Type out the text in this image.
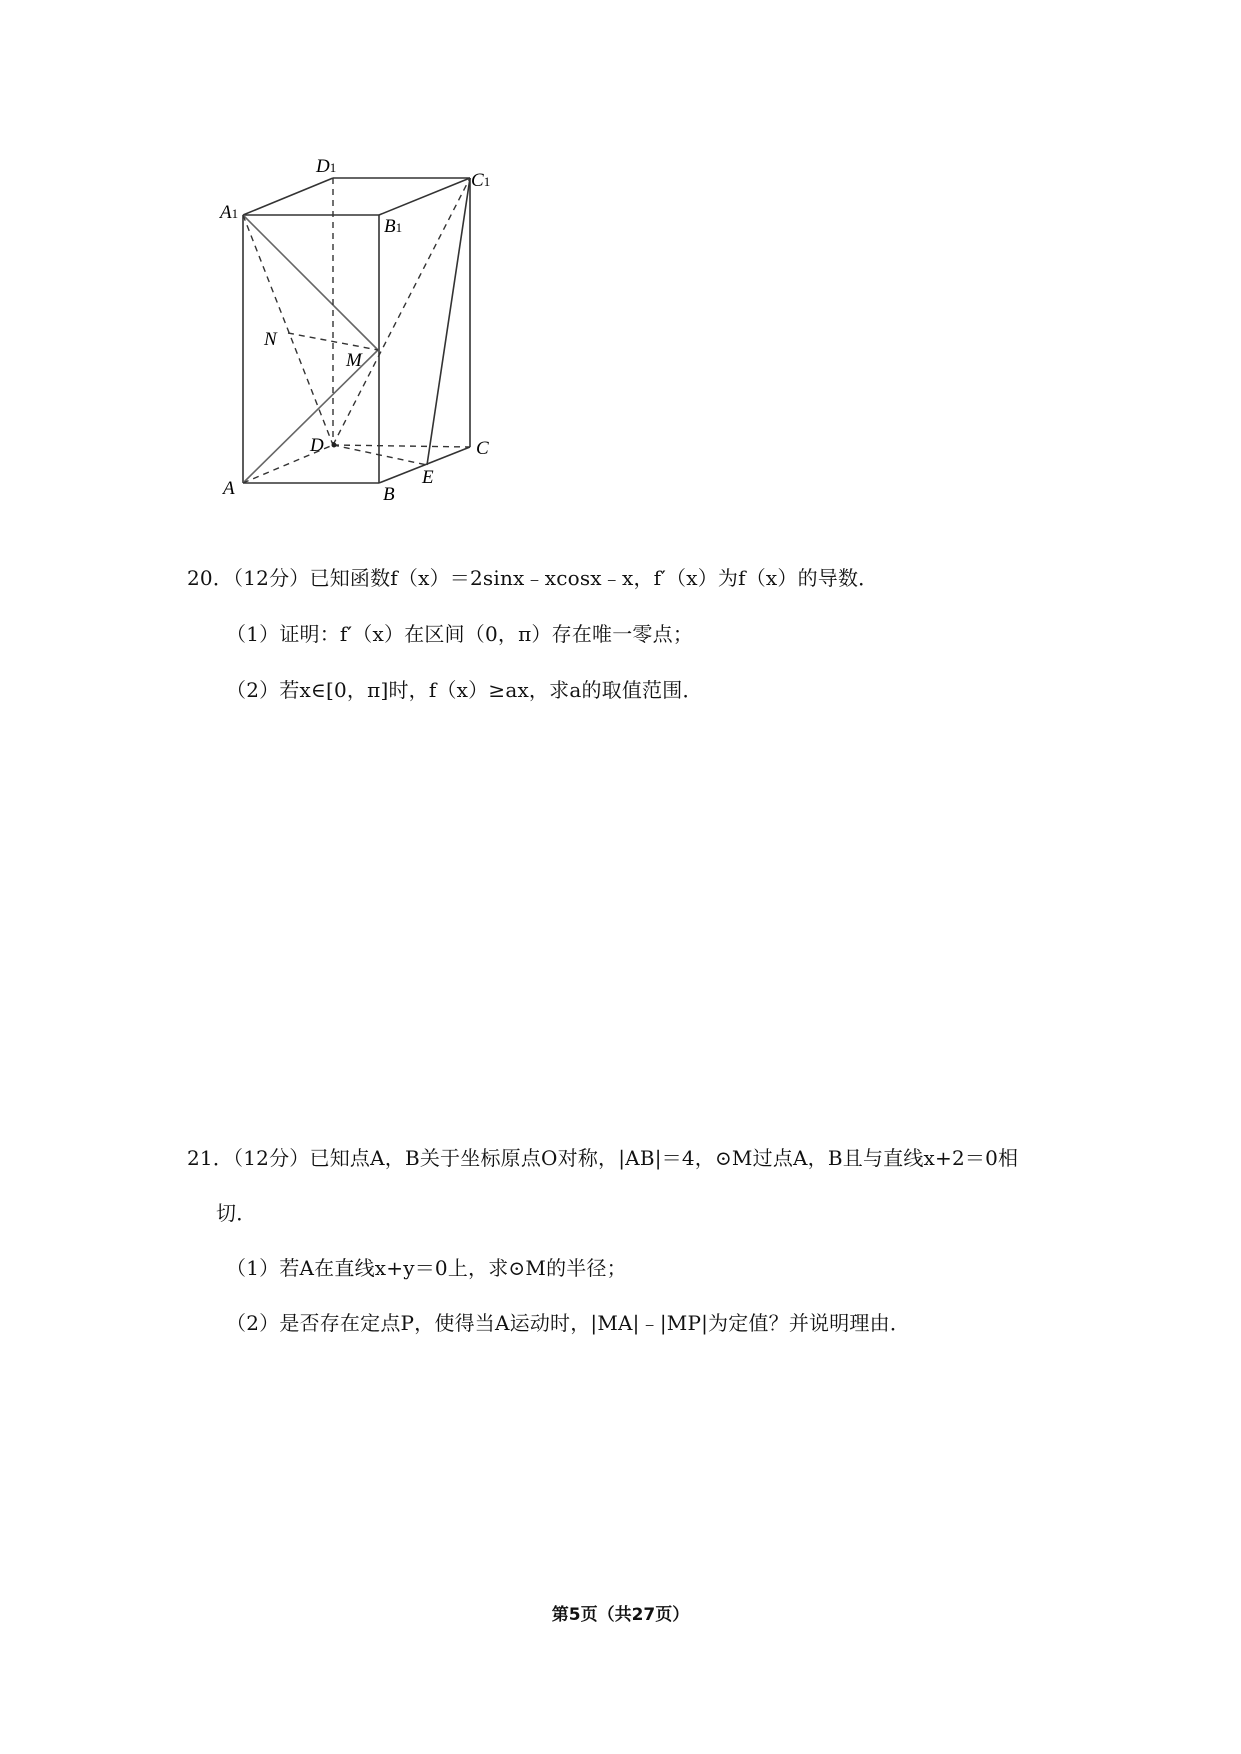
A1
B1
D1
C1
A	B
C
D
N
M
E
20．（12分）已知函数f（x）＝2sinx﹣xcosx﹣x，f′（x）为f（x）的导数．
（1）证明：f′（x）在区间（0，π）存在唯一零点；
（2）若x∈[0，π]时，f（x）≥ax，求a的取值范围．
21．（12分）已知点A，B关于坐标原点O对称，|AB|＝4，⊙M过点A，B且与直线x+2＝0相
切．
（1）若A在直线x+y＝0上，求⊙M的半径；
（2）是否存在定点P，使得当A运动时，|MA|﹣|MP|为定值？并说明理由．
第5页（共27页）
